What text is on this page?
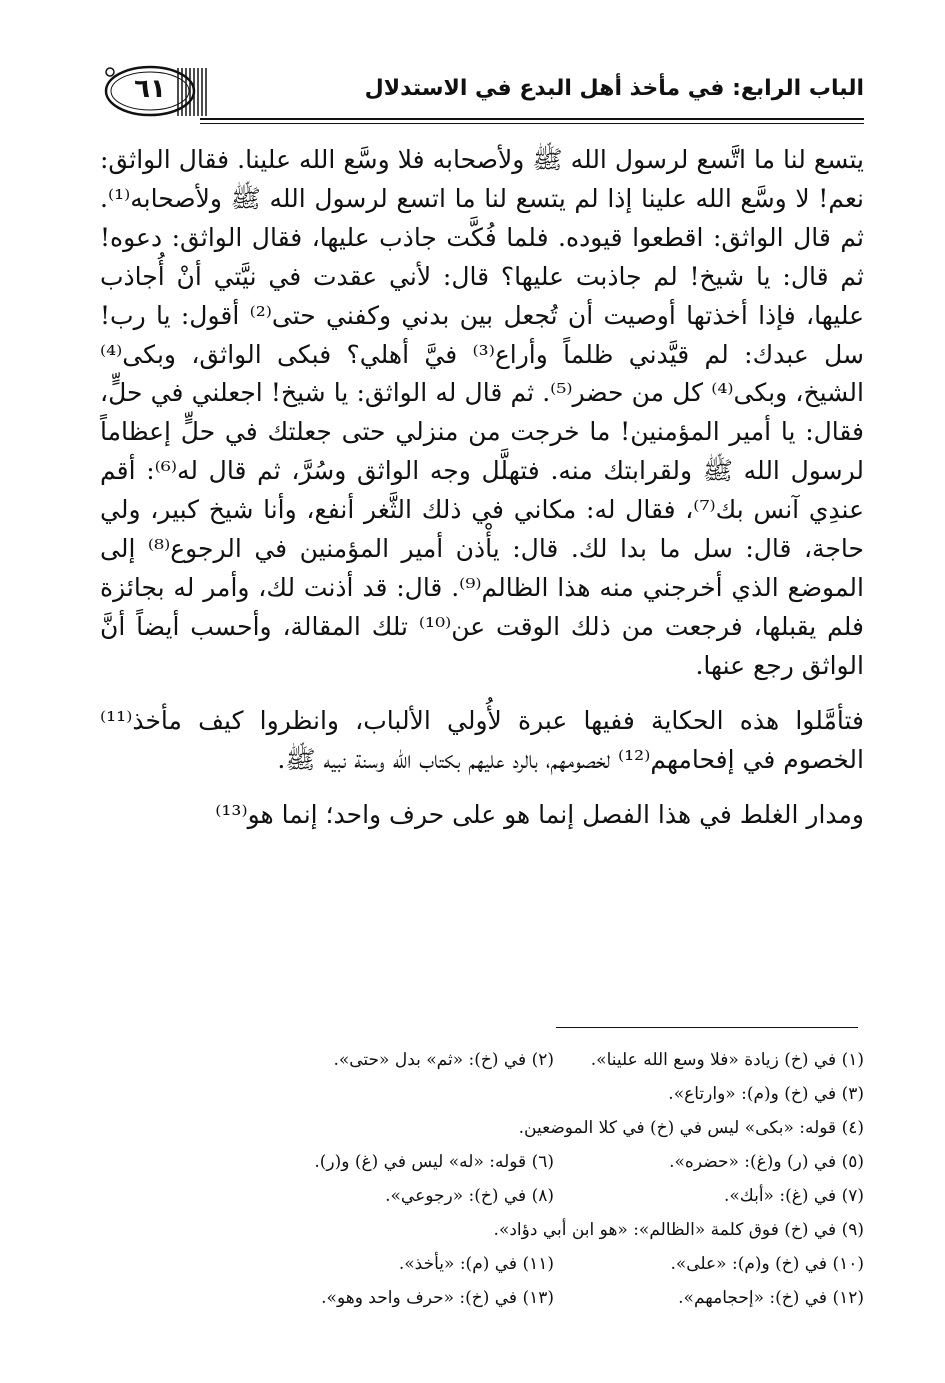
الباب الرابع: في مأخذ أهل البدع في الاستدلال
٦١

يتسع لنا ما اتَّسع لرسول الله ﷺ ولأصحابه فلا وسَّع الله علينا. فقال الواثق: نعم! لا وسَّع الله علينا إذا لم يتسع لنا ما اتسع لرسول الله ﷺ ولأصحابه⁽¹⁾. ثم قال الواثق: اقطعوا قيوده. فلما فُكَّت جاذب عليها، فقال الواثق: دعوه! ثم قال: يا شيخ! لم جاذبت عليها؟ قال: لأني عقدت في نيَّتي أنْ أُجاذب عليها، فإذا أخذتها أوصيت أن تُجعل بين بدني وكفني حتى⁽²⁾ أقول: يا رب! سل عبدك: لم قيَّدني ظلماً وأراع⁽³⁾ فيَّ أهلي؟ فبكى الواثق، وبكى⁽⁴⁾ الشيخ، وبكى⁽⁴⁾ كل من حضر⁽⁵⁾. ثم قال له الواثق: يا شيخ! اجعلني في حلٍّ، فقال: يا أمير المؤمنين! ما خرجت من منزلي حتى جعلتك في حلٍّ إعظاماً لرسول الله ﷺ ولقرابتك منه. فتهلَّل وجه الواثق وسُرَّ، ثم قال له⁽⁶⁾: أقم عندِي آنس بك⁽⁷⁾، فقال له: مكاني في ذلك الثَّغر أنفع، وأنا شيخ كبير، ولي حاجة، قال: سل ما بدا لك. قال: يأْذن أمير المؤمنين في الرجوع⁽⁸⁾ إلى الموضع الذي أخرجني منه هذا الظالم⁽⁹⁾. قال: قد أذنت لك، وأمر له بجائزة فلم يقبلها، فرجعت من ذلك الوقت عن⁽¹⁰⁾ تلك المقالة، وأحسب أيضاً أنَّ الواثق رجع عنها.

فتأمَّلوا هذه الحكاية ففيها عبرة لأُولي الألباب، وانظروا كيف مأخذ⁽¹¹⁾ الخصوم في إفحامهم⁽¹²⁾ لخصومهم، بالرد عليهم بكتاب الله وسنة نبيه ﷺ.

ومدار الغلط في هذا الفصل إنما هو على حرف واحد؛ إنما هو⁽¹³⁾

(١) في (خ) زيادة «فلا وسع الله علينا».
(٢) في (خ): «ثم» بدل «حتى».
(٣) في (خ) و(م): «وارتاع».
(٤) قوله: «بكى» ليس في (خ) في كلا الموضعين.
(٥) في (ر) و(غ): «حضره».
(٦) قوله: «له» ليس في (غ) و(ر).
(٧) في (غ): «أبك».
(٨) في (خ): «رجوعي».
(٩) في (خ) فوق كلمة «الظالم»: «هو ابن أبي دؤاد».
(١٠) في (خ) و(م): «على».
(١١) في (م): «يأخذ».
(١٢) في (خ): «إحجامهم».
(١٣) في (خ): «حرف واحد وهو».
